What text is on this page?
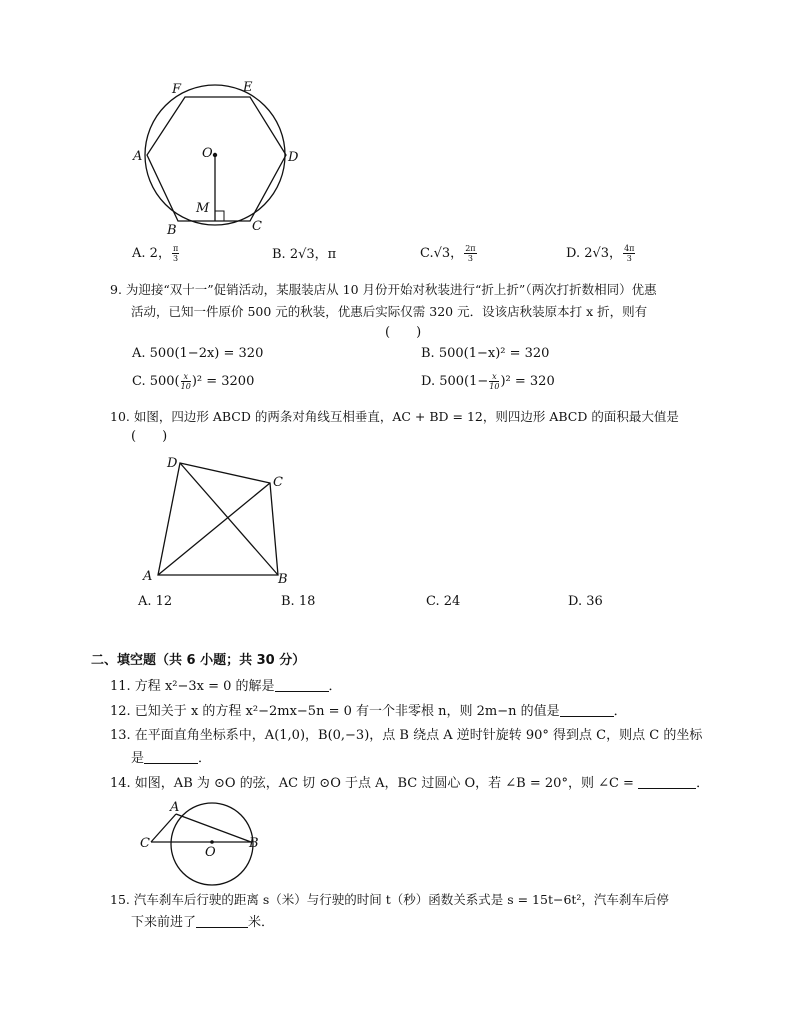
F	E
A	D
O
M
B	C
A. 2， $\frac{\pi}{3}$	B. 2√3，π	C.√3， $\frac{2\pi}{3}$	D. 2√3， $\frac{4\pi}{3}$
9. 为迎接“双十一”促销活动，某服装店从 10 月份开始对秋装进行“折上折”（两次打折数相同）优惠
活动，已知一件原价 500 元的秋装，优惠后实际仅需 320 元．设该店秋装原本打 x 折，则有
(　　)
A. 500(1−2x) = 320	B. 500(1−x)² = 320
C. $500( \frac{x}{10} )^2 = 3200$	D. $500(1- \frac{x}{10} )^2 = 320$
10. 如图，四边形 ABCD 的两条对角线互相垂直，AC + BD = 12，则四边形 ABCD 的面积最大值是
(　　)
D
C
A	B
A. 12	B. 18	C. 24	D. 36
二、填空题（共 6 小题；共 30 分）
11. 方程 x²−3x = 0 的解是	．
12. 已知关于 x 的方程 x²−2mx−5n = 0 有一个非零根 n，则 2m−n 的值是	．
13. 在平面直角坐标系中，A(1,0)，B(0,−3)，点 B 绕点 A 逆时针旋转 90° 得到点 C，则点 C 的坐标
是	．
14. 如图，AB 为 ⊙O 的弦，AC 切 ⊙O 于点 A，BC 过圆心 O，若 ∠B = 20°，则 ∠C =	．
A
B
C
O
15. 汽车刹车后行驶的距离 s（米）与行驶的时间 t（秒）函数关系式是 s = 15t−6t²，汽车刹车后停
下来前进了	米．
